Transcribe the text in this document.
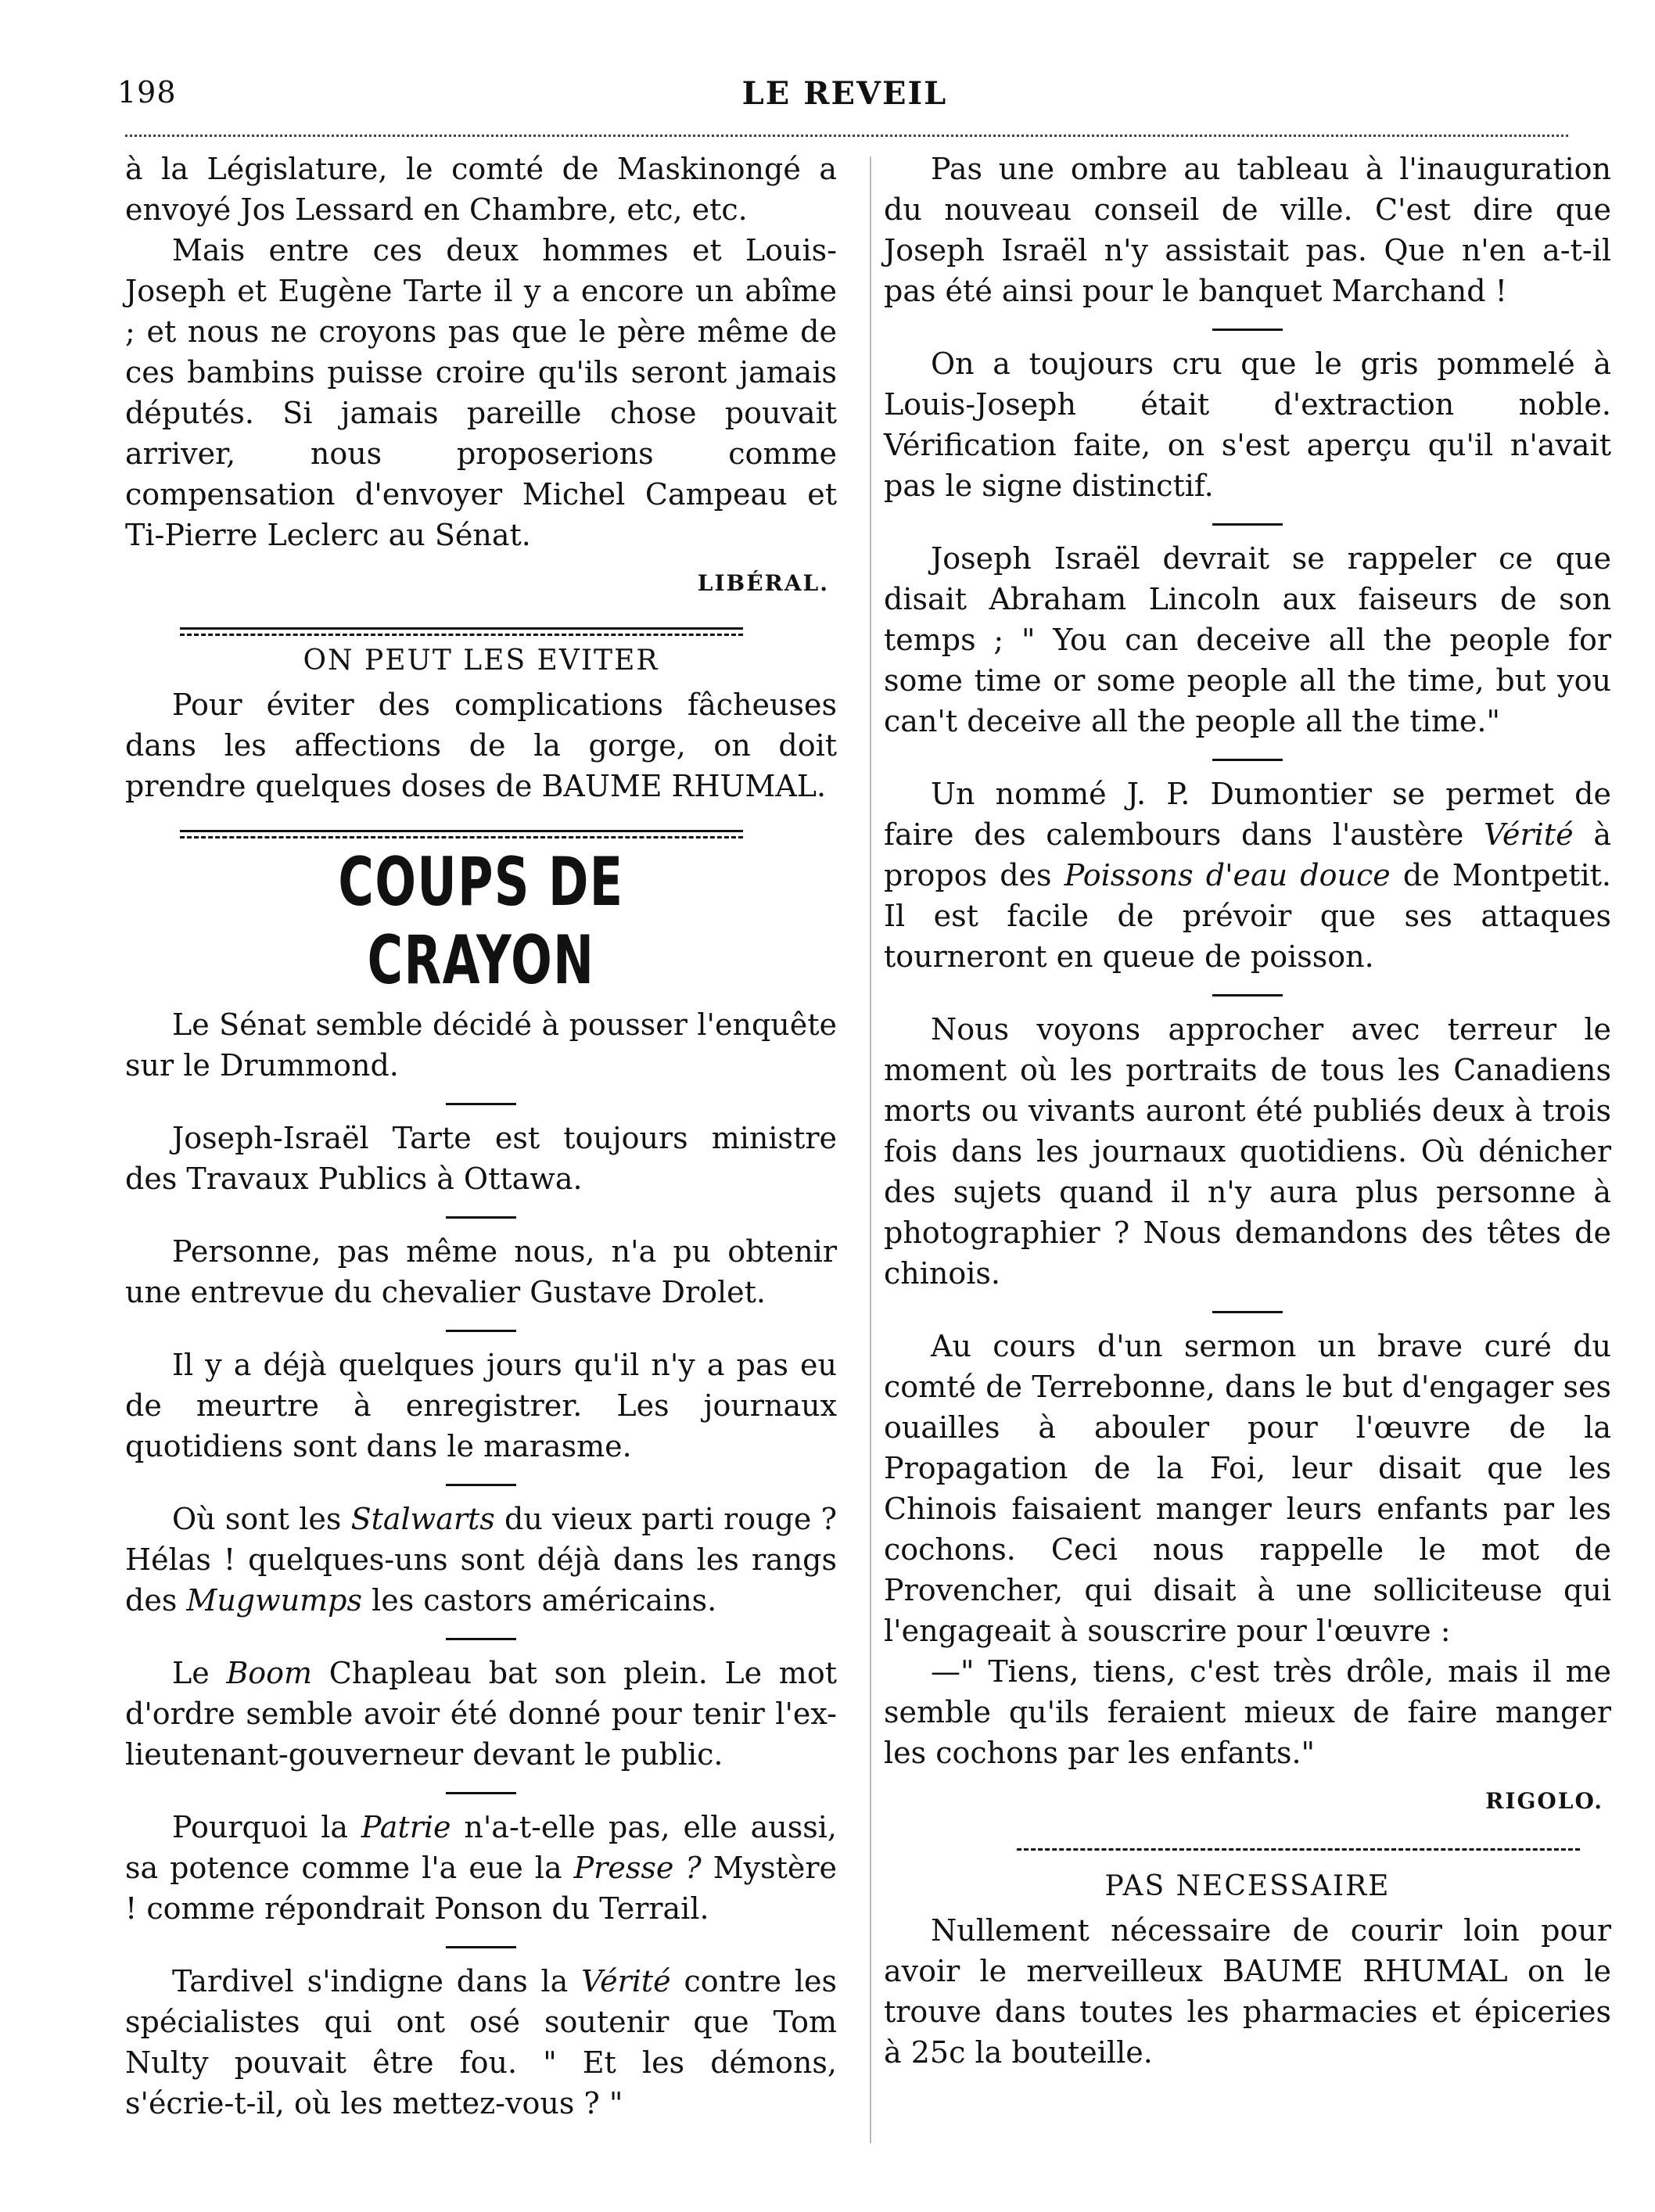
198	LE REVEIL

à la Législature, le comté de Maskinongé a envoyé Jos Lessard en Chambre, etc, etc.

Mais entre ces deux hommes et Louis-Joseph et Eugène Tarte il y a encore un abîme ; et nous ne croyons pas que le père même de ces bambins puisse croire qu'ils seront jamais députés. Si jamais pareille chose pouvait arriver, nous proposerions comme compensation d'envoyer Michel Campeau et Ti-Pierre Leclerc au Sénat.

LIBÉRAL.
ON PEUT LES EVITER

Pour éviter des complications fâcheuses dans les affections de la gorge, on doit prendre quelques doses de BAUME RHUMAL.

COUPS DE CRAYON

Le Sénat semble décidé à pousser l'enquête sur le Drummond.

Joseph-Israël Tarte est toujours ministre des Travaux Publics à Ottawa.

Personne, pas même nous, n'a pu obtenir une entrevue du chevalier Gustave Drolet.

Il y a déjà quelques jours qu'il n'y a pas eu de meurtre à enregistrer. Les journaux quotidiens sont dans le marasme.

Où sont les Stalwarts du vieux parti rouge ? Hélas ! quelques-uns sont déjà dans les rangs des Mugwumps les castors américains.

Le Boom Chapleau bat son plein. Le mot d'ordre semble avoir été donné pour tenir l'ex-lieutenant-gouverneur devant le public.

Pourquoi la Patrie n'a-t-elle pas, elle aussi, sa potence comme l'a eue la Presse ? Mystère ! comme répondrait Ponson du Terrail.

Tardivel s'indigne dans la Vérité contre les spécialistes qui ont osé soutenir que Tom Nulty pouvait être fou. " Et les démons, s'écrie-t-il, où les mettez-vous ? "

Pas une ombre au tableau à l'inauguration du nouveau conseil de ville. C'est dire que Joseph Israël n'y assistait pas. Que n'en a-t-il pas été ainsi pour le banquet Marchand !

On a toujours cru que le gris pommelé à Louis-Joseph était d'extraction noble. Vérification faite, on s'est aperçu qu'il n'avait pas le signe distinctif.

Joseph Israël devrait se rappeler ce que disait Abraham Lincoln aux faiseurs de son temps ; " You can deceive all the people for some time or some people all the time, but you can't deceive all the people all the time."

Un nommé J. P. Dumontier se permet de faire des calembours dans l'austère Vérité à propos des Poissons d'eau douce de Montpetit. Il est facile de prévoir que ses attaques tourneront en queue de poisson.

Nous voyons approcher avec terreur le moment où les portraits de tous les Canadiens morts ou vivants auront été publiés deux à trois fois dans les journaux quotidiens. Où dénicher des sujets quand il n'y aura plus personne à photographier ? Nous demandons des têtes de chinois.

Au cours d'un sermon un brave curé du comté de Terrebonne, dans le but d'engager ses ouailles à abouler pour l'œuvre de la Propagation de la Foi, leur disait que les Chinois faisaient manger leurs enfants par les cochons. Ceci nous rappelle le mot de Provencher, qui disait à une solliciteuse qui l'engageait à souscrire pour l'œuvre :

—" Tiens, tiens, c'est très drôle, mais il me semble qu'ils feraient mieux de faire manger les cochons par les enfants."

RIGOLO.
PAS NECESSAIRE

Nullement nécessaire de courir loin pour avoir le merveilleux BAUME RHUMAL on le trouve dans toutes les pharmacies et épiceries à 25c la bouteille.
